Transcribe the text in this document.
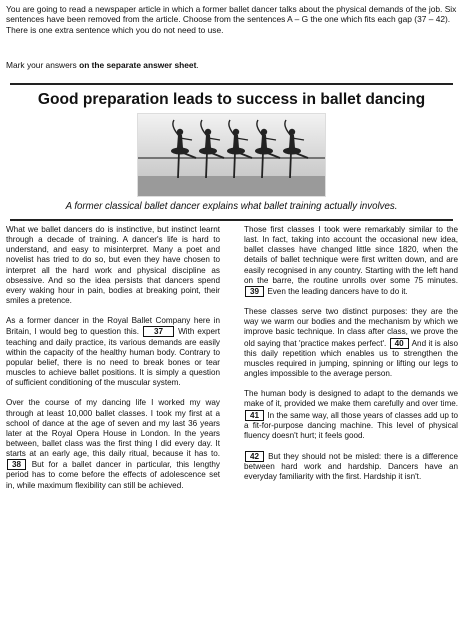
You are going to read a newspaper article in which a former ballet dancer talks about the physical demands of the job. Six sentences have been removed from the article. Choose from the sentences A – G the one which fits each gap (37 – 42). There is one extra sentence which you do not need to use.

Mark your answers on the separate answer sheet.
Good preparation leads to success in ballet dancing
A former classical ballet dancer explains what ballet training actually involves.

What we ballet dancers do is instinctive, but instinct learnt through a decade of training. A dancer's life is hard to understand, and easy to misinterpret. Many a poet and novelist has tried to do so, but even they have chosen to interpret all the hard work and physical discipline as obsessive. And so the idea persists that dancers spend every waking hour in pain, bodies at breaking point, their smiles a pretence.

As a former dancer in the Royal Ballet Company here in Britain, I would beg to question this. 37 With expert teaching and daily practice, its various demands are easily within the capacity of the healthy human body. Contrary to popular belief, there is no need to break bones or tear muscles to achieve ballet positions. It is simply a question of sufficient conditioning of the muscular system.

Over the course of my dancing life I worked my way through at least 10,000 ballet classes. I took my first at a school of dance at the age of seven and my last 36 years later at the Royal Opera House in London. In the years between, ballet class was the first thing I did every day. It starts at an early age, this daily ritual, because it has to. 38 But for a ballet dancer in particular, this lengthy period has to come before the effects of adolescence set in, while maximum flexibility can still be achieved.

Those first classes I took were remarkably similar to the last. In fact, taking into account the occasional new idea, ballet classes have changed little since 1820, when the details of ballet technique were first written down, and are easily recognised in any country. Starting with the left hand on the barre, the routine unrolls over some 75 minutes. 39 Even the leading dancers have to do it.

These classes serve two distinct purposes: they are the way we warm our bodies and the mechanism by which we improve basic technique. In class after class, we prove the old saying that 'practice makes perfect'. 40 And it is also this daily repetition which enables us to strengthen the muscles required in jumping, spinning or lifting our legs to angles impossible to the average person.

The human body is designed to adapt to the demands we make of it, provided we make them carefully and over time. 41 In the same way, all those years of classes add up to a fit-for-purpose dancing machine. This level of physical fluency doesn't hurt; it feels good.

42 But they should not be misled: there is a difference between hard work and hardship. Dancers have an everyday familiarity with the first. Hardship it isn't.
